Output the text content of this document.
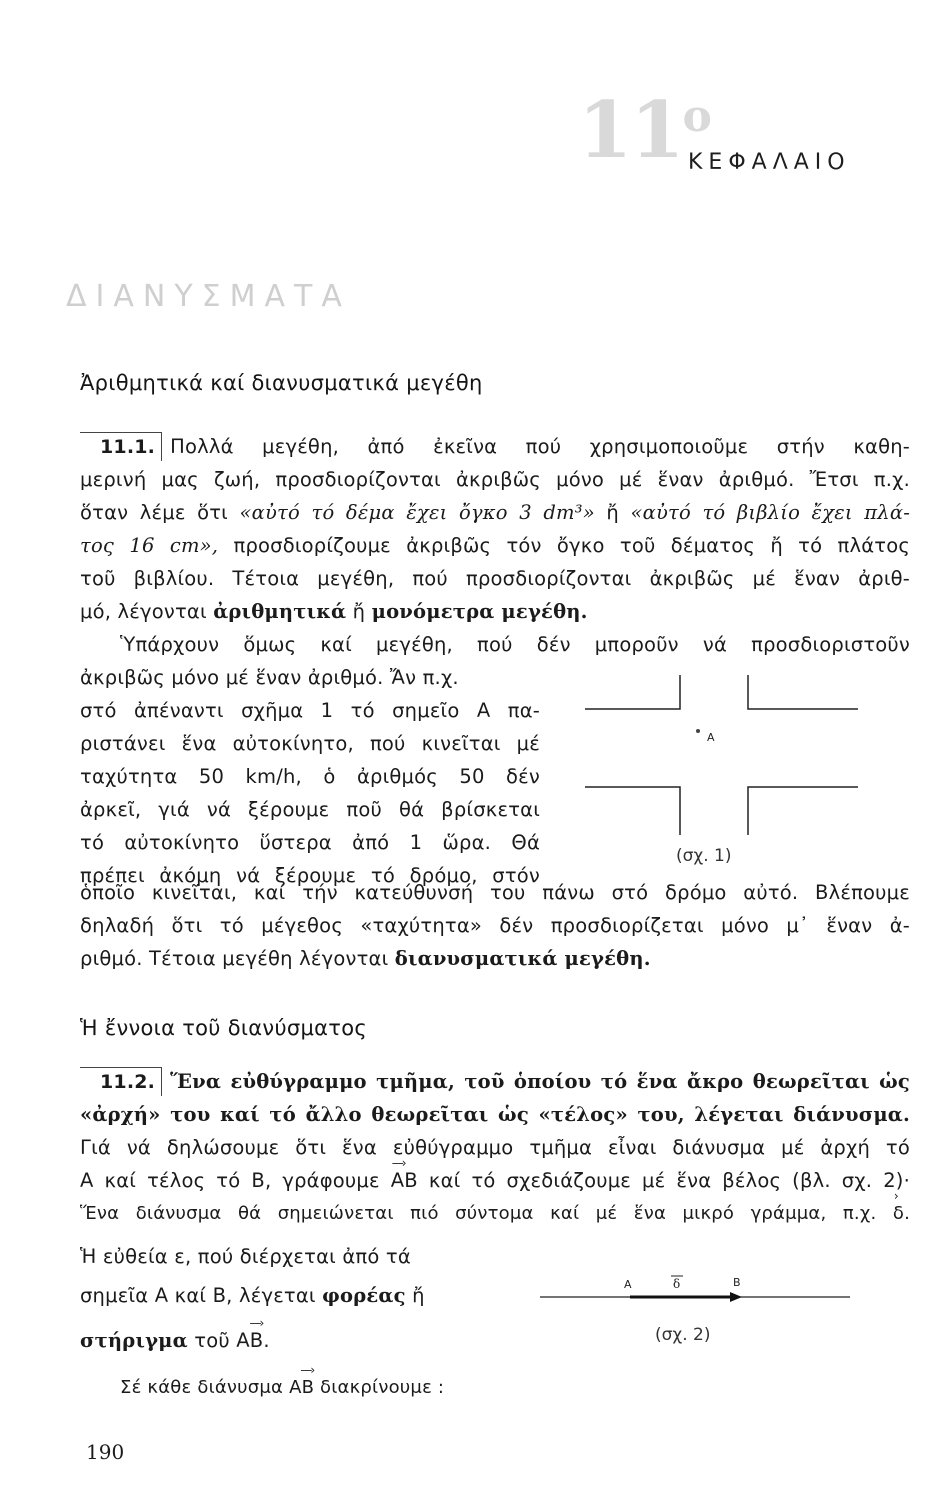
$11^o$
ΚΕΦΑΛΑΙΟ
ΔΙΑΝΥΣΜΑΤΑ
Ἀριθμητικά καί διανυσματικά μεγέθη
11.1. Πολλά μεγέθη, ἀπό ἐκεῖνα πού χρησιμοποιοῦμε στήν καθη-
μερινή μας ζωή, προσδιορίζονται ἀκριβῶς μόνο μέ ἕναν ἀριθμό. Ἔτσι π.χ.
ὅταν λέμε ὅτι «αὐτό τό δέμα ἔχει ὄγκο 3 dm³» ἤ «αὐτό τό βιβλίο ἔχει πλά-
τος 16 cm», προσδιορίζουμε ἀκριβῶς τόν ὄγκο τοῦ δέματος ἤ τό πλάτος
τοῦ βιβλίου. Τέτοια μεγέθη, πού προσδιορίζονται ἀκριβῶς μέ ἕναν ἀριθ-
μό, λέγονται ἀριθμητικά ἤ μονόμετρα μεγέθη.
Ὑπάρχουν ὅμως καί μεγέθη, πού δέν μποροῦν νά προσδιοριστοῦν
ἀκριβῶς μόνο μέ ἕναν ἀριθμό. Ἄν π.χ.
στό ἀπέναντι σχῆμα 1 τό σημεῖο Α πα-
ριστάνει ἕνα αὐτοκίνητο, πού κινεῖται μέ
ταχύτητα 50 km/h, ὁ ἀριθμός 50 δέν
ἀρκεῖ, γιά νά ξέρουμε ποῦ θά βρίσκεται
τό αὐτοκίνητο ὕστερα ἀπό 1 ὥρα. Θά
πρέπει ἀκόμη νά ξέρουμε τό δρόμο, στόν
Α
(σχ. 1)
ὁποῖο κινεῖται, καί τήν κατεύθυνσή του πάνω στό δρόμο αὐτό. Βλέπουμε
δηλαδή ὅτι τό μέγεθος «ταχύτητα» δέν προσδιορίζεται μόνο μ᾽ ἕναν ἀ-
ριθμό. Τέτοια μεγέθη λέγονται διανυσματικά μεγέθη.
Ἡ ἔννοια τοῦ διανύσματος
11.2. Ἕνα εὐθύγραμμο τμῆμα, τοῦ ὁποίου τό ἕνα ἄκρο θεωρεῖται ὡς
«ἀρχή» του καί τό ἄλλο θεωρεῖται ὡς «τέλος» του, λέγεται διάνυσμα.
Γιά νά δηλώσουμε ὅτι ἕνα εὐθύγραμμο τμῆμα εἶναι διάνυσμα μέ ἀρχή τό
Α καί τέλος τό Β, γράφουμε
—›
ΑΒ καί τό σχεδιάζουμε μέ ἕνα βέλος (βλ. σχ. 2)·
Ἕνα διάνυσμα θά σημειώνεται πιό σύντομα καί μέ ἕνα μικρό γράμμα, π.χ.
›
δ.
Ἡ εὐθεία ε, πού διέρχεται ἀπό τά
σημεῖα Α καί Β, λέγεται φορέας ἤ
στήριγμα τοῦ
—›
ΑΒ.
Α	δ	Β
(σχ. 2)
Σέ κάθε διάνυσμα
—›
ΑΒ διακρίνουμε :
190
